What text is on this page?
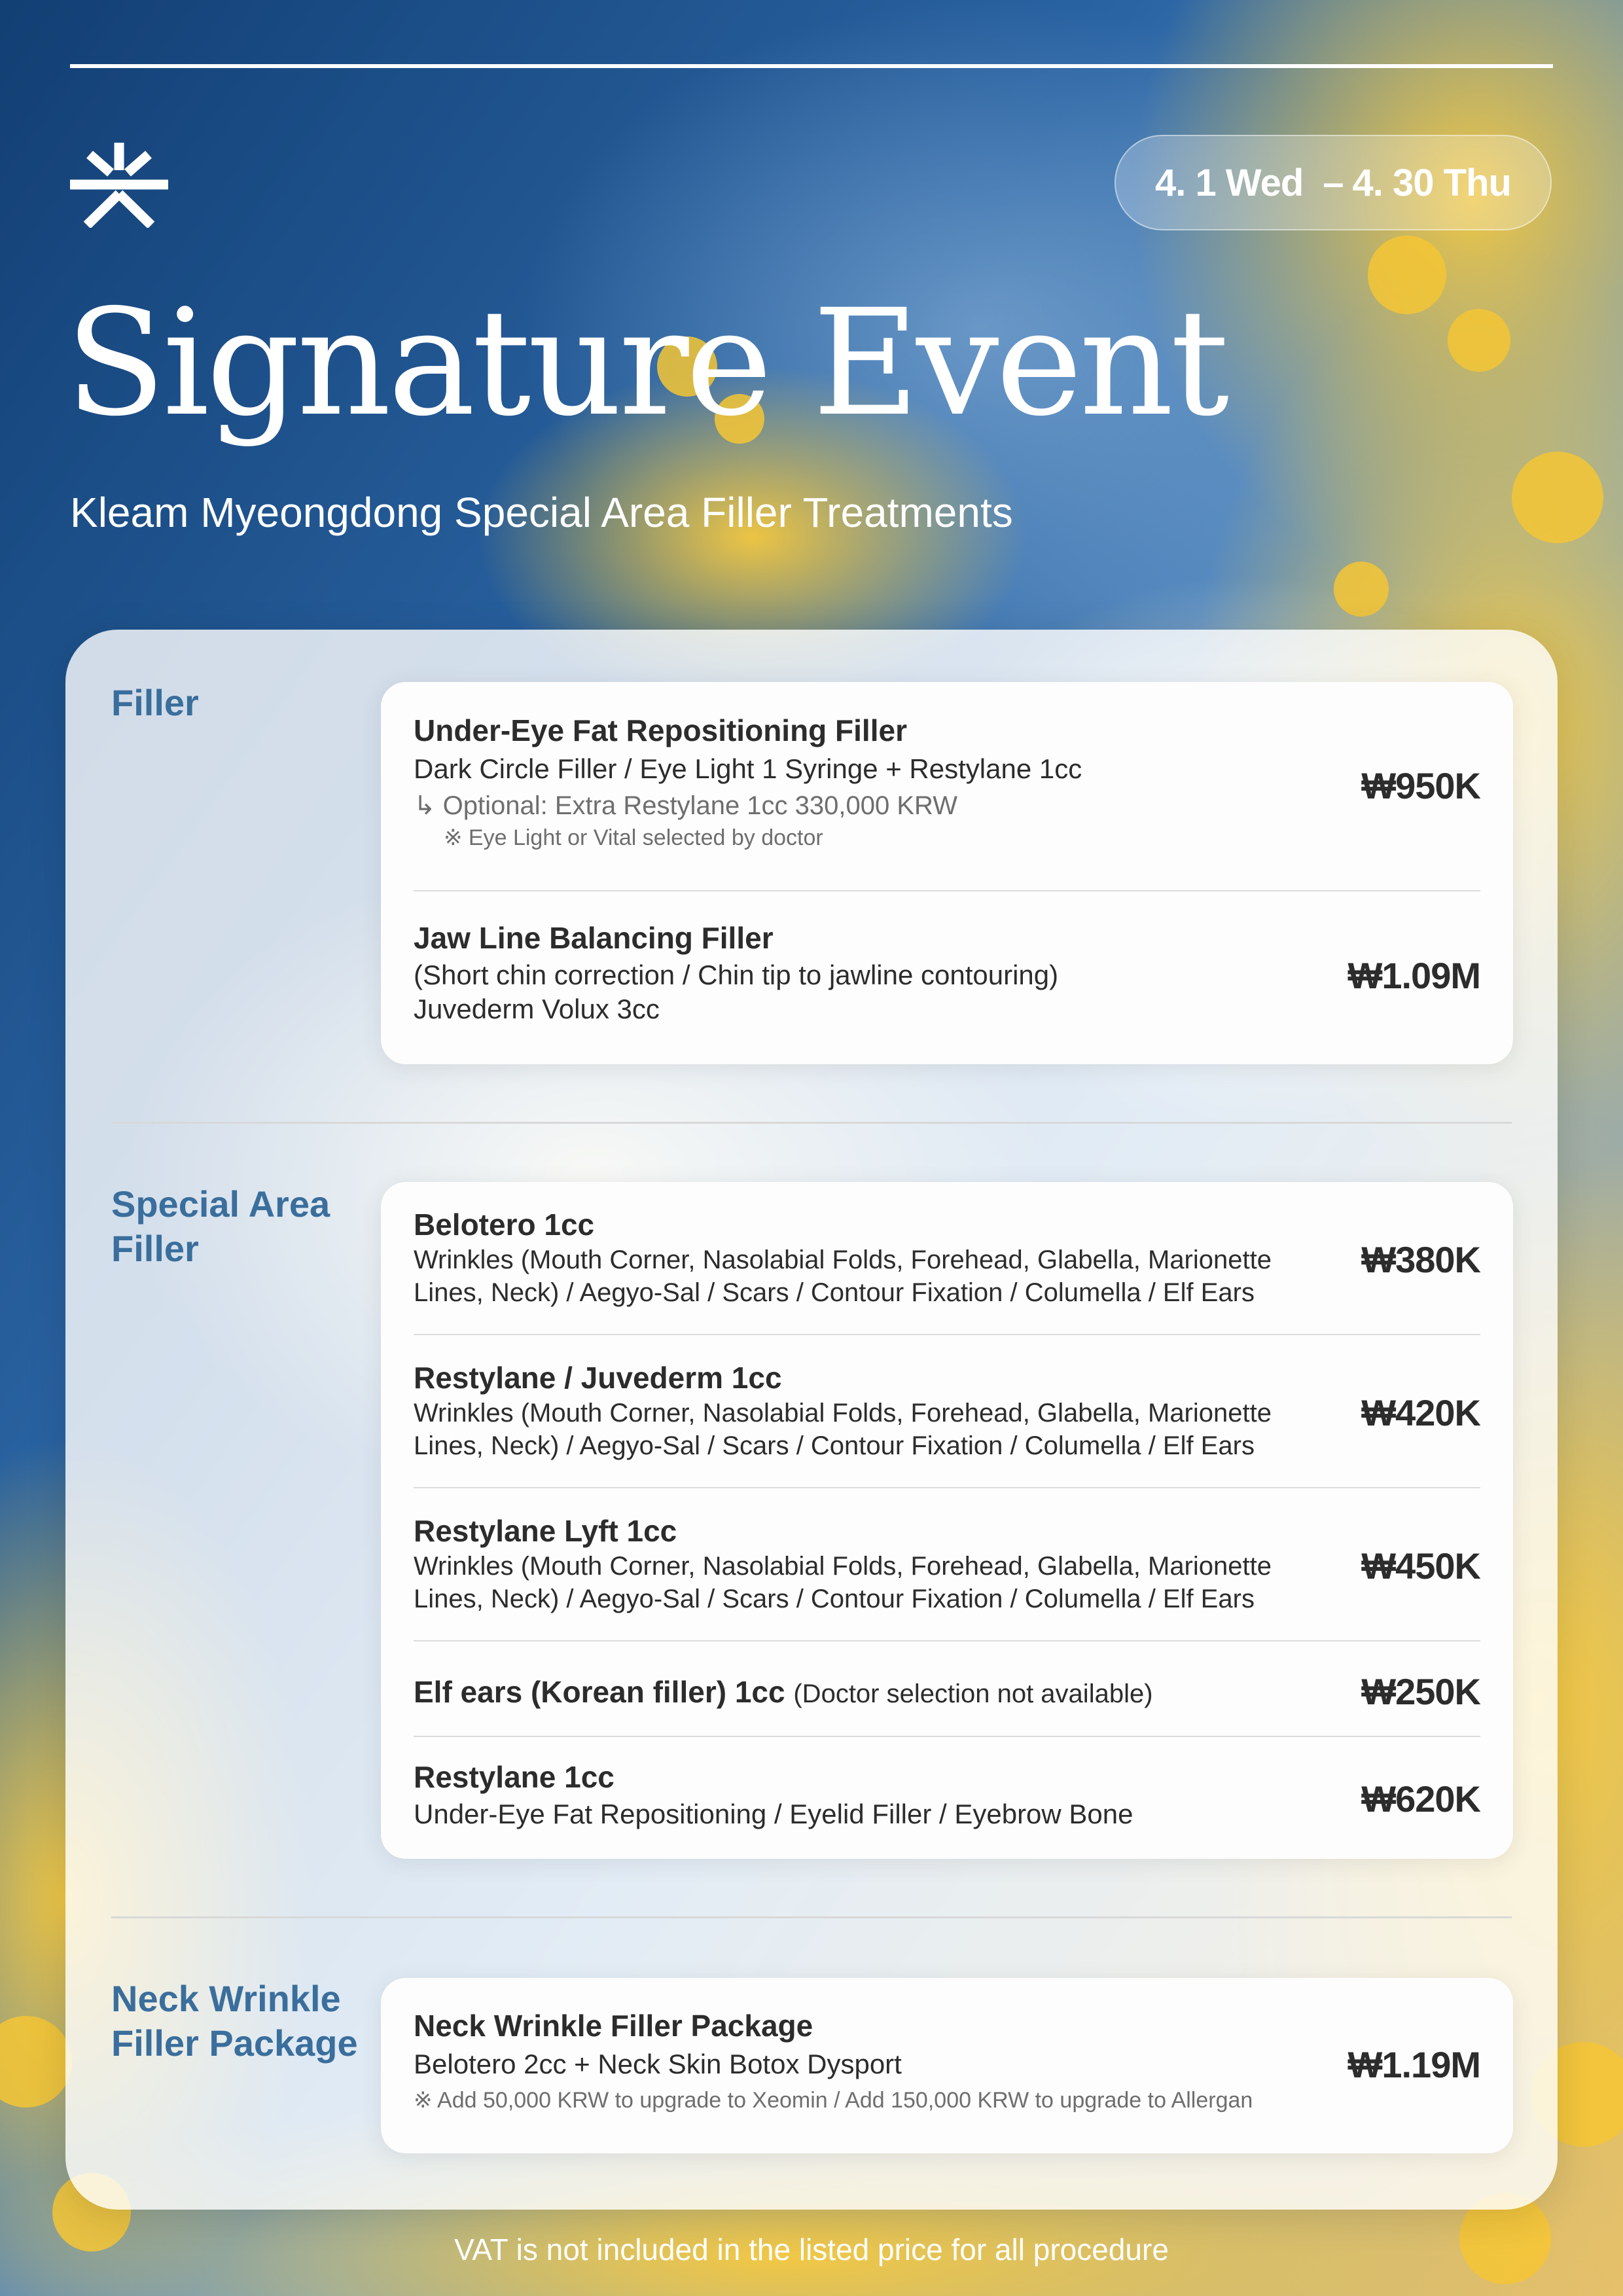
4. 1 Wed – 4. 30 Thu
Signature Event
Kleam Myeongdong Special Area Filler Treatments
Filler
Under-Eye Fat Repositioning Filler
Dark Circle Filler / Eye Light 1 Syringe + Restylane 1cc
↳ Optional: Extra Restylane 1cc 330,000 KRW
※ Eye Light or Vital selected by doctor
₩950K
Jaw Line Balancing Filler
(Short chin correction / Chin tip to jawline contouring)
Juvederm Volux 3cc
₩1.09M
Special Area
Filler
Belotero 1cc
Wrinkles (Mouth Corner, Nasolabial Folds, Forehead, Glabella, Marionette
Lines, Neck) / Aegyo-Sal / Scars / Contour Fixation / Columella / Elf Ears
₩380K
Restylane / Juvederm 1cc
Wrinkles (Mouth Corner, Nasolabial Folds, Forehead, Glabella, Marionette
Lines, Neck) / Aegyo-Sal / Scars / Contour Fixation / Columella / Elf Ears
₩420K
Restylane Lyft 1cc
Wrinkles (Mouth Corner, Nasolabial Folds, Forehead, Glabella, Marionette
Lines, Neck) / Aegyo-Sal / Scars / Contour Fixation / Columella / Elf Ears
₩450K
Elf ears (Korean filler) 1cc (Doctor selection not available)	₩250K
Restylane 1cc
Under-Eye Fat Repositioning / Eyelid Filler / Eyebrow Bone	₩620K
Neck Wrinkle
Filler Package Neck Wrinkle Filler Package
Belotero 2cc + Neck Skin Botox Dysport
※ Add 50,000 KRW to upgrade to Xeomin / Add 150,000 KRW to upgrade to Allergan
₩1.19M
VAT is not included in the listed price for all procedure
